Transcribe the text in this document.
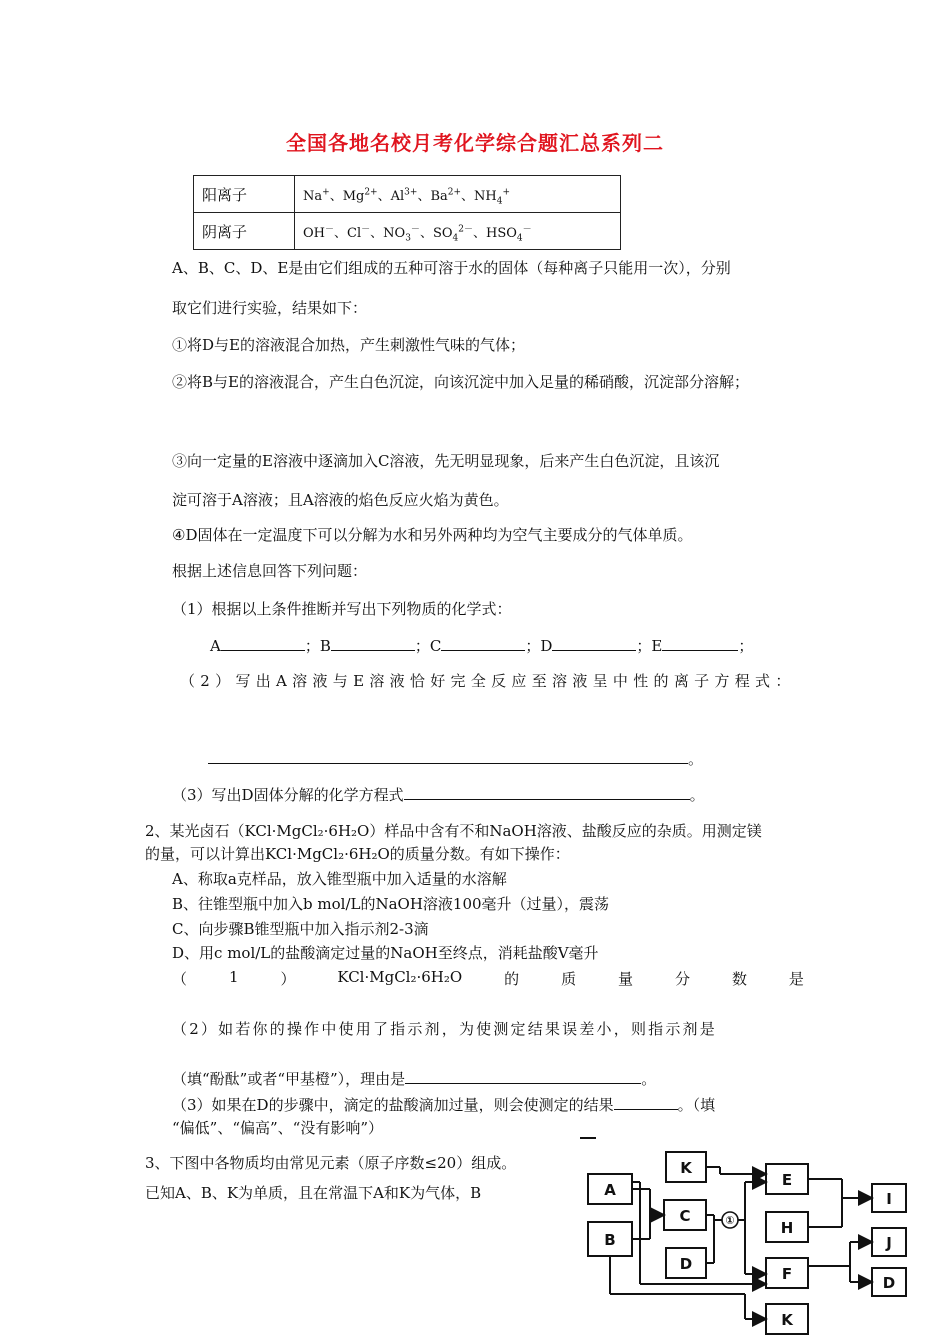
全国各地名校月考化学综合题汇总系列二
阳离子	Na+、$Mg^{2+}$、$Al^{3+}$、$Ba^{2+}$、$NH_4^+$
阴离子	OH－、Cl－、$NO_3^-$、$SO_4^{2-}$、$HSO_4^-$
A、B、C、D、E是由它们组成的五种可溶于水的固体（每种离子只能用一次），分别
取它们进行实验，结果如下：
①将D与E的溶液混合加热，产生刺激性气味的气体；
②将B与E的溶液混合，产生白色沉淀，向该沉淀中加入足量的稀硝酸，沉淀部分溶解；
③向一定量的E溶液中逐滴加入C溶液，先无明显现象，后来产生白色沉淀，且该沉
淀可溶于A溶液；且A溶液的焰色反应火焰为黄色。
④D固体在一定温度下可以分解为水和另外两种均为空气主要成分的气体单质。
根据上述信息回答下列问题：
（1）根据以上条件推断并写出下列物质的化学式：
A	；B	；C	；D	；E	；
（2）写出A溶液与E溶液恰好完全反应至溶液呈中性的离子方程式：
。
（3）写出D固体分解的化学方程式	。
2、某光卤石（KCl·MgCl₂·6H₂O）样品中含有不和NaOH溶液、盐酸反应的杂质。用测定镁
的量，可以计算出KCl·MgCl₂·6H₂O的质量分数。有如下操作：
A、称取a克样品，放入锥型瓶中加入适量的水溶解
B、往锥型瓶中加入b mol/L的NaOH溶液100毫升（过量），震荡
C、向步骤B锥型瓶中加入指示剂2-3滴
D、用c mol/L的盐酸滴定过量的NaOH至终点，消耗盐酸V毫升
（	1	）	KCl·MgCl₂·6H₂O	的	质	量	分	数	是
（2）如若你的操作中使用了指示剂，为使测定结果误差小，则指示剂是
（填“酚酞”或者“甲基橙”），理由是	。
（3）如果在D的步骤中，滴定的盐酸滴加过量，则会使测定的结果	。（填
“偏低”、“偏高”、“没有影响”）
3、下图中各物质均由常见元素（原子序数≤20）组成。
已知A、B、K为单质，且在常温下A和K为气体，B	A
B
C
K
D
E
H
F
K
I
J
D
①
